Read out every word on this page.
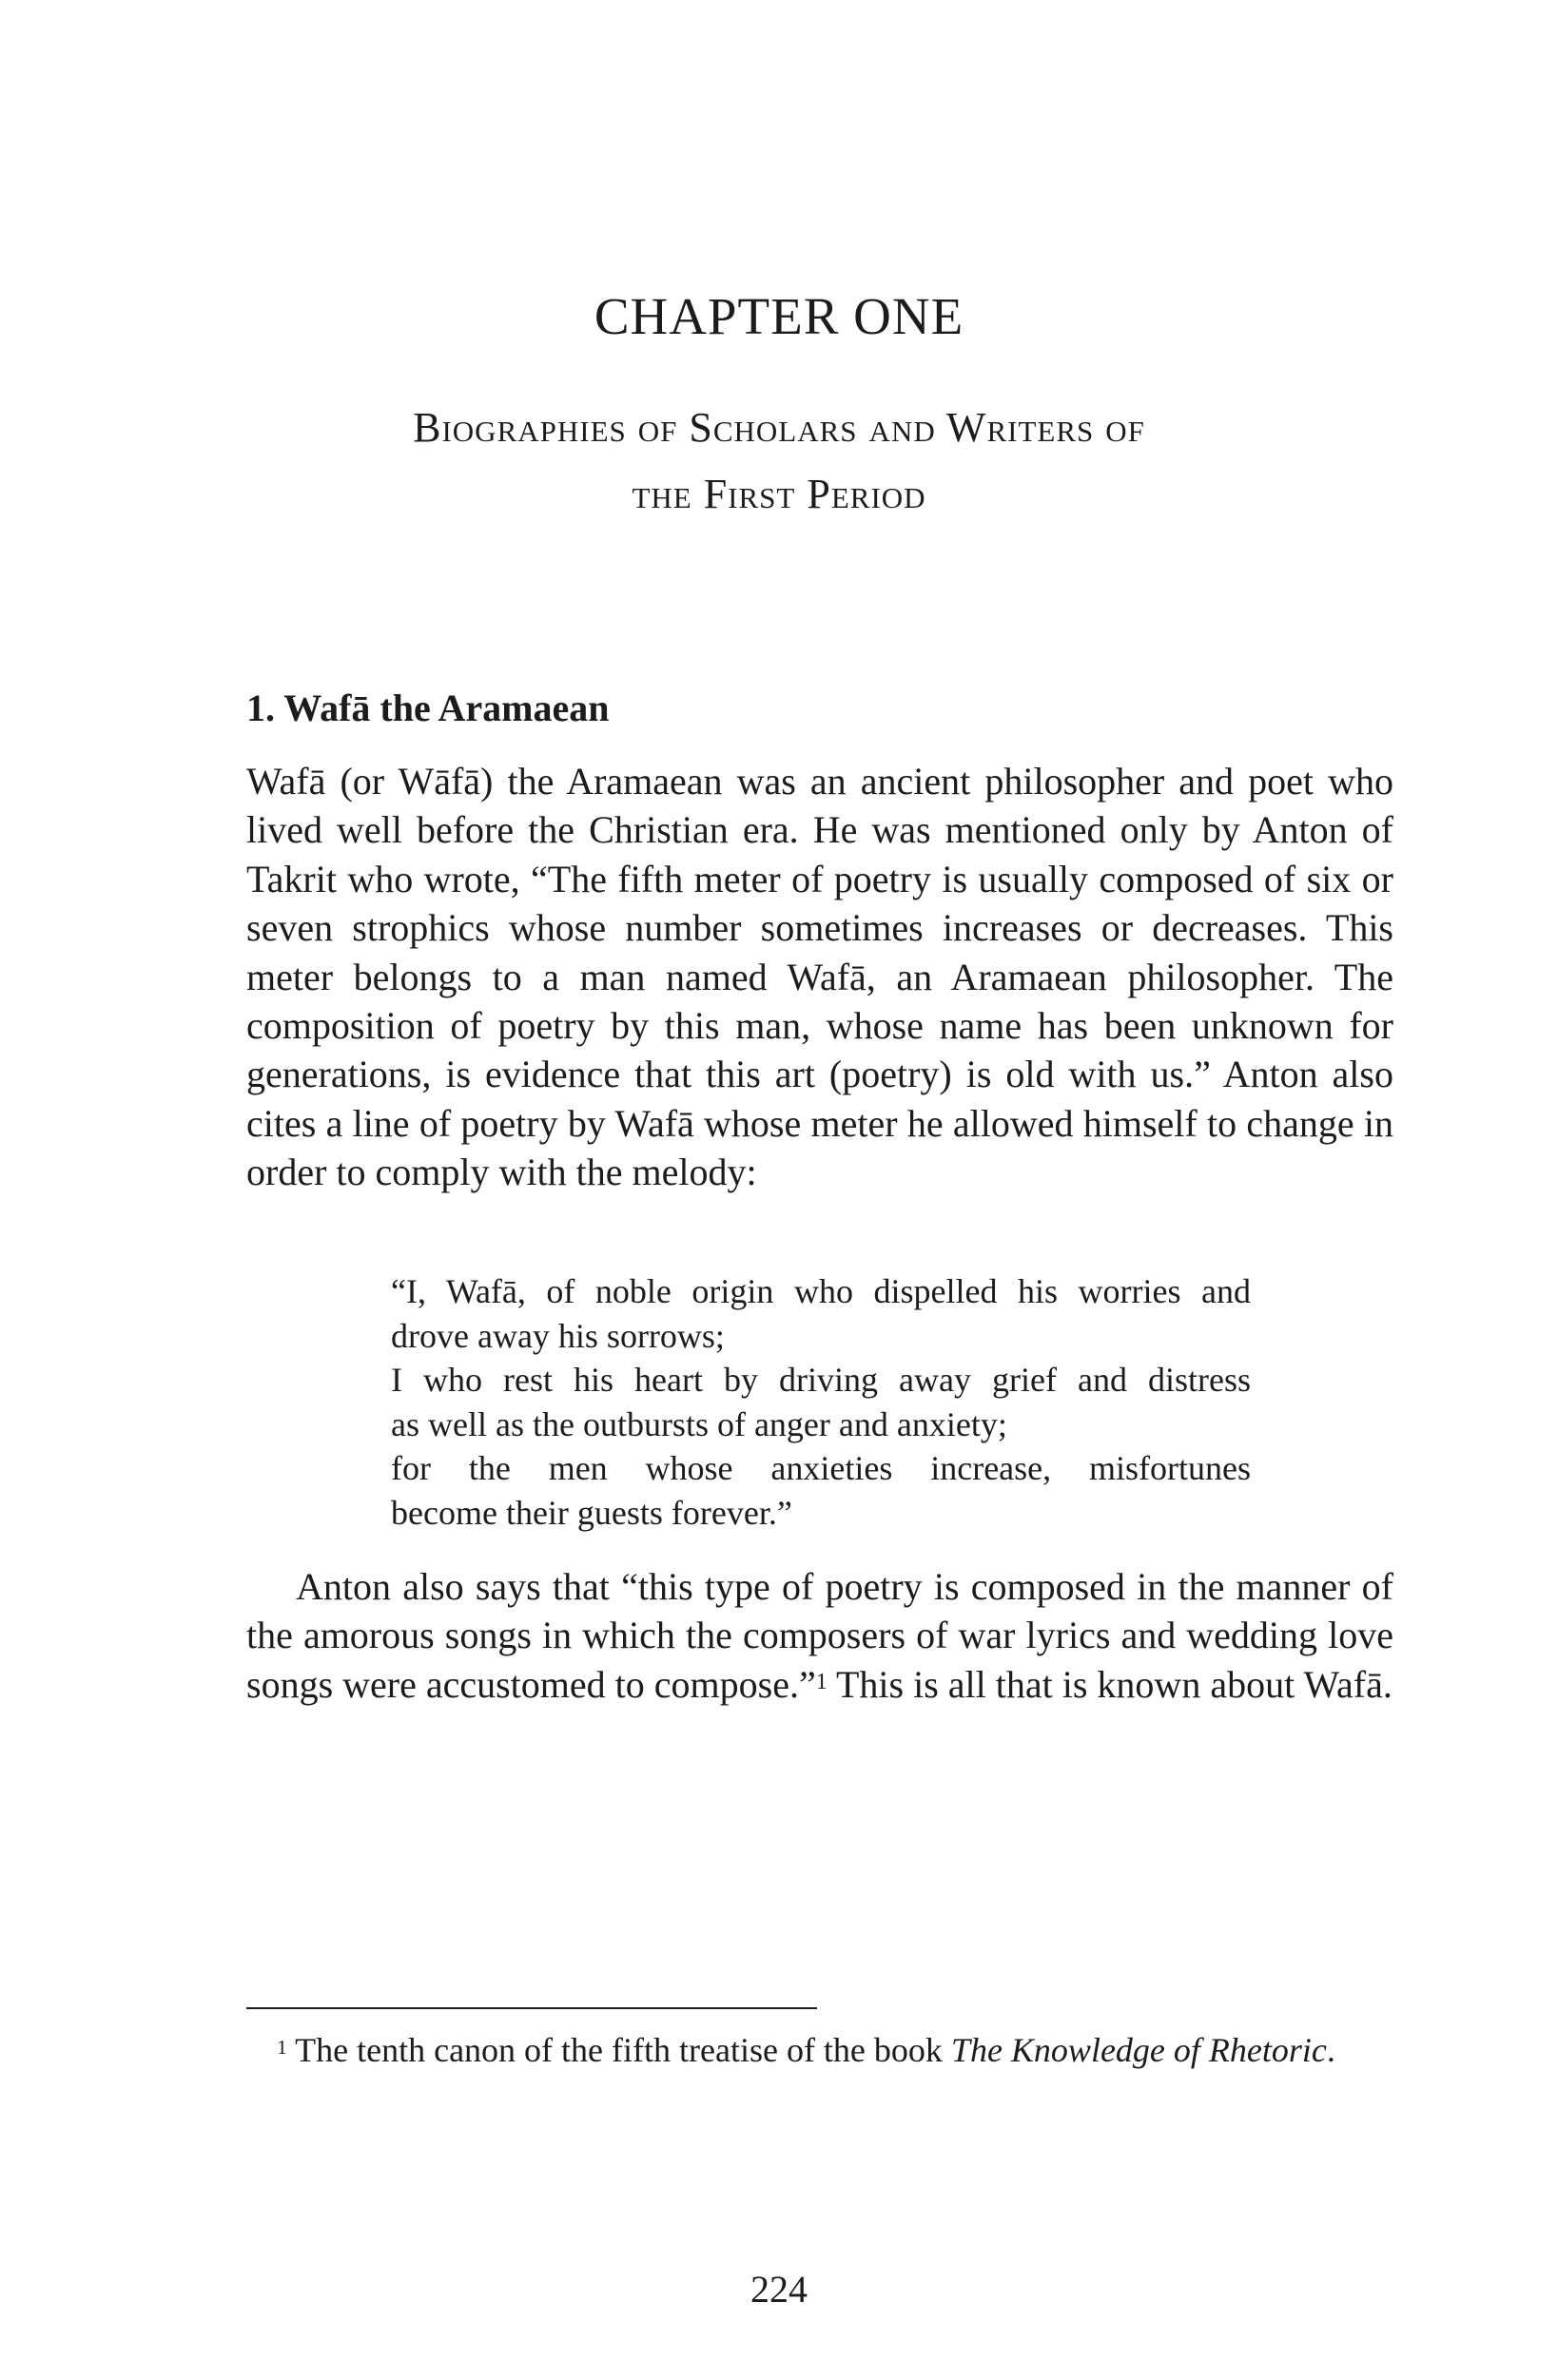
CHAPTER ONE
Biographies of Scholars and Writers of
the First Period
1. Wafā the Aramaean

Wafā (or Wāfā) the Aramaean was an ancient philosopher and poet who lived well before the Christian era. He was mentioned only by Anton of Takrit who wrote, “The fifth meter of poetry is usually composed of six or seven strophics whose number sometimes increases or decreases. This meter belongs to a man named Wafā, an Aramaean philosopher. The composition of poetry by this man, whose name has been unknown for generations, is evidence that this art (poetry) is old with us.” Anton also cites a line of poetry by Wafā whose meter he allowed himself to change in order to comply with the melody:

“I, Wafā, of noble origin who dispelled his worries and
drove away his sorrows;
I who rest his heart by driving away grief and distress
as well as the outbursts of anger and anxiety;
for the men whose anxieties increase, misfortunes
become their guests forever.”

Anton also says that “this type of poetry is composed in the manner of the amorous songs in which the composers of war lyrics and wedding love songs were accustomed to compose.”$^1$ This is all that is known about Wafā.

$^1$ The tenth canon of the fifth treatise of the book The Knowledge of Rhetoric.

224
